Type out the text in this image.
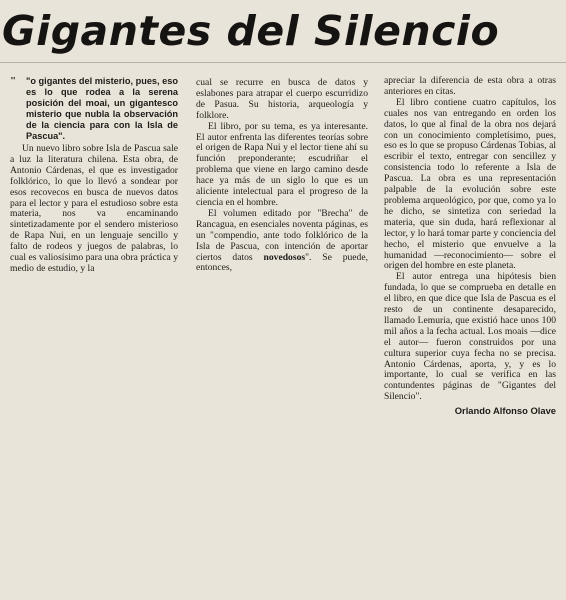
Gigantes del Silencio
"	"o gigantes del misterio, pues, eso es lo que rodea a la serena posición del moai, un gigantesco misterio que nubla la observación de la ciencia para con la Isla de Pascua".

Un nuevo libro sobre Isla de Pascua sale a luz la literatura chilena. Esta obra, de Antonio Cárdenas, el que es investigador folklórico, lo que lo llevó a sondear por esos recovecos en busca de nuevos datos para el lector y para el estudioso sobre esta materia, nos va encaminando sintetizadamente por el sendero misterioso de Rapa Nui, en un lenguaje sencillo y falto de rodeos y juegos de palabras, lo cual es valiosísimo para una obra práctica y medio de estudio, y la

cual se recurre en busca de datos y eslabones para atrapar el cuerpo escurridizo de Pasua. Su historia, arqueología y folklore.

El libro, por su tema, es ya interesante. El autor enfrenta las diferentes teorías sobre el origen de Rapa Nui y el lector tiene ahí su función preponderante; escudriñar el problema que viene en largo camino desde hace ya más de un siglo lo que es un aliciente intelectual para el progreso de la ciencia en el hombre.

El volumen editado por "Brecha" de Rancagua, en esenciales noventa páginas, es un "compendio, ante todo folklórico de la Isla de Pascua, con intención de aportar ciertos datos novedosos". Se puede, entonces,

apreciar la diferencia de esta obra a otras anteriores en citas.

El libro contiene cuatro capítulos, los cuales nos van entregando en orden los datos, lo que al final de la obra nos dejará con un conocimiento completísimo, pues, eso es lo que se propuso Cárdenas Tobias, al escribir el texto, entregar con sencillez y consistencia todo lo referente a Isla de Pascua. La obra es una representación palpable de la evolución sobre este problema arqueológico, por que, como ya lo he dicho, se sintetiza con seriedad la materia, que sin duda, hará reflexionar al lector, y lo hará tomar parte y conciencia del hecho, el misterio que envuelve a la humanidad —reconocimiento— sobre el origen del hombre en este planeta.

El autor entrega una hipótesis bien fundada, lo que se comprueba en detalle en el libro, en que dice que Isla de Pascua es el resto de un continente desaparecido, llamado Lemuria, que existió hace unos 100 mil años a la fecha actual. Los moais —dice el autor— fueron construidos por una cultura superior cuya fecha no se precisa. Antonio Cárdenas, aporta, y, y es lo importante, lo cual se verifica en las contundentes páginas de "Gigantes del Silencio".

Orlando Alfonso Olave
